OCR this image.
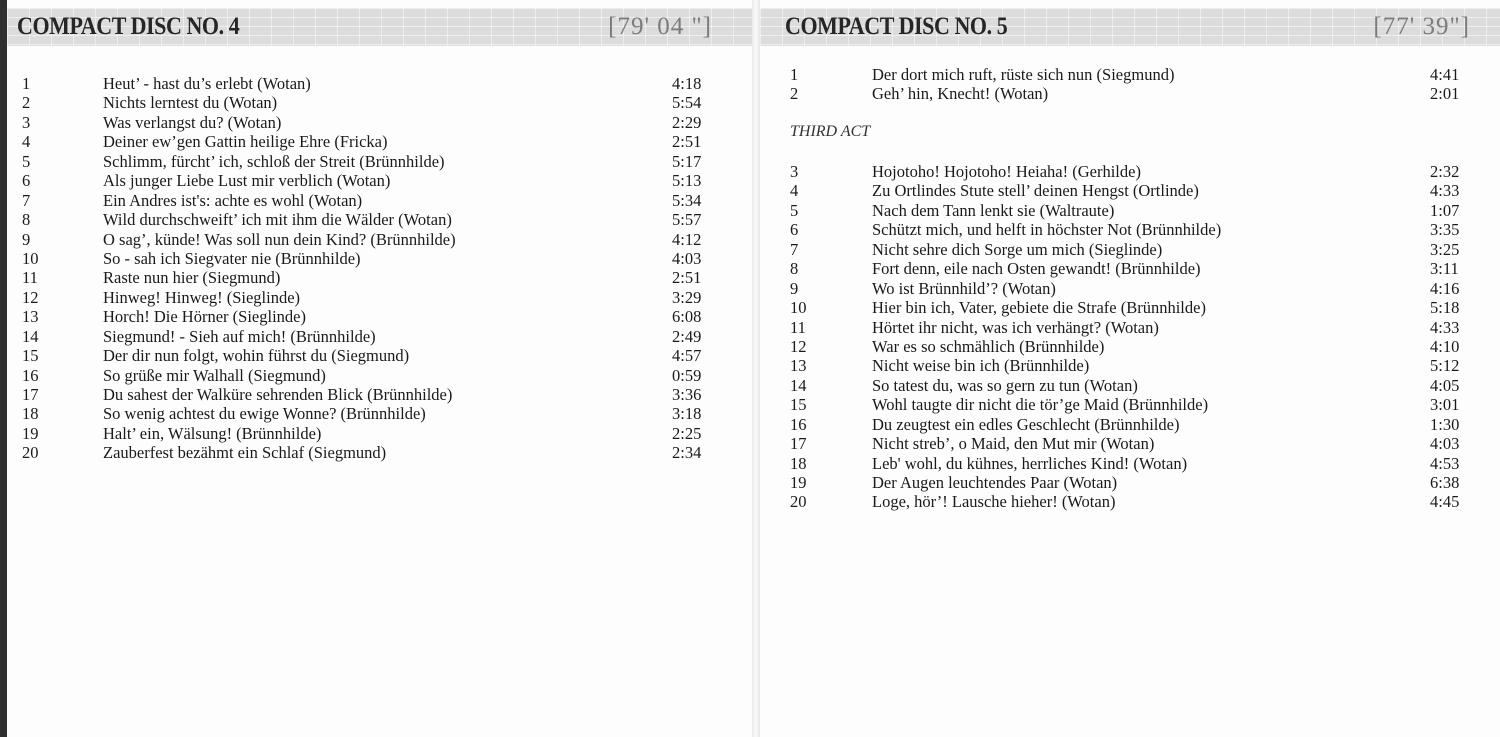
COMPACT DISC NO. 4	[79' 04 "]
1	Heut’ - hast du’s erlebt (Wotan)	4:18
2	Nichts lerntest du (Wotan)	5:54
3	Was verlangst du? (Wotan)	2:29
4	Deiner ew’gen Gattin heilige Ehre (Fricka)	2:51
5	Schlimm, fürcht’ ich, schloß der Streit (Brünnhilde)	5:17
6	Als junger Liebe Lust mir verblich (Wotan)	5:13
7	Ein Andres ist's: achte es wohl (Wotan)	5:34
8	Wild durchschweift’ ich mit ihm die Wälder (Wotan)	5:57
9	O sag’, künde! Was soll nun dein Kind? (Brünnhilde)	4:12
10	So - sah ich Siegvater nie (Brünnhilde)	4:03
11	Raste nun hier (Siegmund)	2:51
12	Hinweg! Hinweg! (Sieglinde)	3:29
13	Horch! Die Hörner (Sieglinde)	6:08
14	Siegmund! - Sieh auf mich! (Brünnhilde)	2:49
15	Der dir nun folgt, wohin führst du (Siegmund)	4:57
16	So grüße mir Walhall (Siegmund)	0:59
17	Du sahest der Walküre sehrenden Blick (Brünnhilde)	3:36
18	So wenig achtest du ewige Wonne? (Brünnhilde)	3:18
19	Halt’ ein, Wälsung! (Brünnhilde)	2:25
20	Zauberfest bezähmt ein Schlaf (Siegmund)	2:34
COMPACT DISC NO. 5	[77' 39"]
1	Der dort mich ruft, rüste sich nun (Siegmund)	4:41
2	Geh’ hin, Knecht! (Wotan)	2:01
THIRD ACT
3	Hojotoho! Hojotoho! Heiaha! (Gerhilde)	2:32
4	Zu Ortlindes Stute stell’ deinen Hengst (Ortlinde)	4:33
5	Nach dem Tann lenkt sie (Waltraute)	1:07
6	Schützt mich, und helft in höchster Not (Brünnhilde)	3:35
7	Nicht sehre dich Sorge um mich (Sieglinde)	3:25
8	Fort denn, eile nach Osten gewandt! (Brünnhilde)	3:11
9	Wo ist Brünnhild’? (Wotan)	4:16
10	Hier bin ich, Vater, gebiete die Strafe (Brünnhilde)	5:18
11	Hörtet ihr nicht, was ich verhängt? (Wotan)	4:33
12	War es so schmählich (Brünnhilde)	4:10
13	Nicht weise bin ich (Brünnhilde)	5:12
14	So tatest du, was so gern zu tun (Wotan)	4:05
15	Wohl taugte dir nicht die tör’ge Maid (Brünnhilde)	3:01
16	Du zeugtest ein edles Geschlecht (Brünnhilde)	1:30
17	Nicht streb’, o Maid, den Mut mir (Wotan)	4:03
18	Leb' wohl, du kühnes, herrliches Kind! (Wotan)	4:53
19	Der Augen leuchtendes Paar (Wotan)	6:38
20	Loge, hör’! Lausche hieher! (Wotan)	4:45
